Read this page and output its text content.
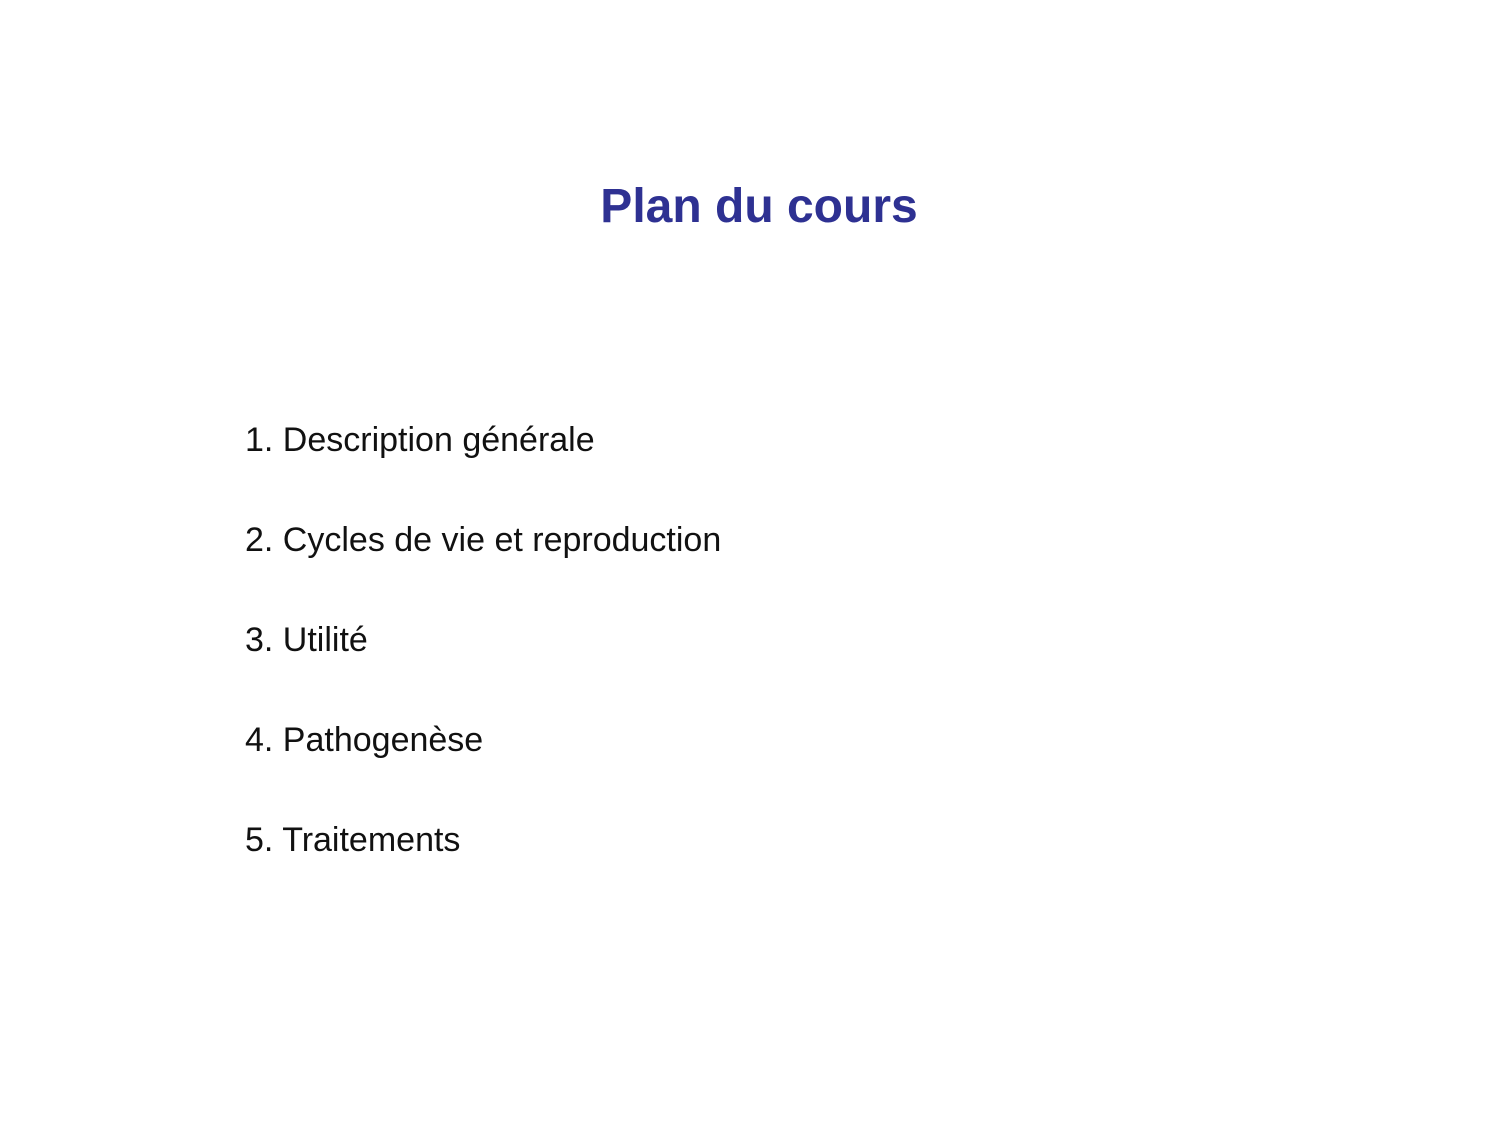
Plan du cours
1. Description générale
2. Cycles de vie et reproduction
3. Utilité
4. Pathogenèse
5. Traitements
